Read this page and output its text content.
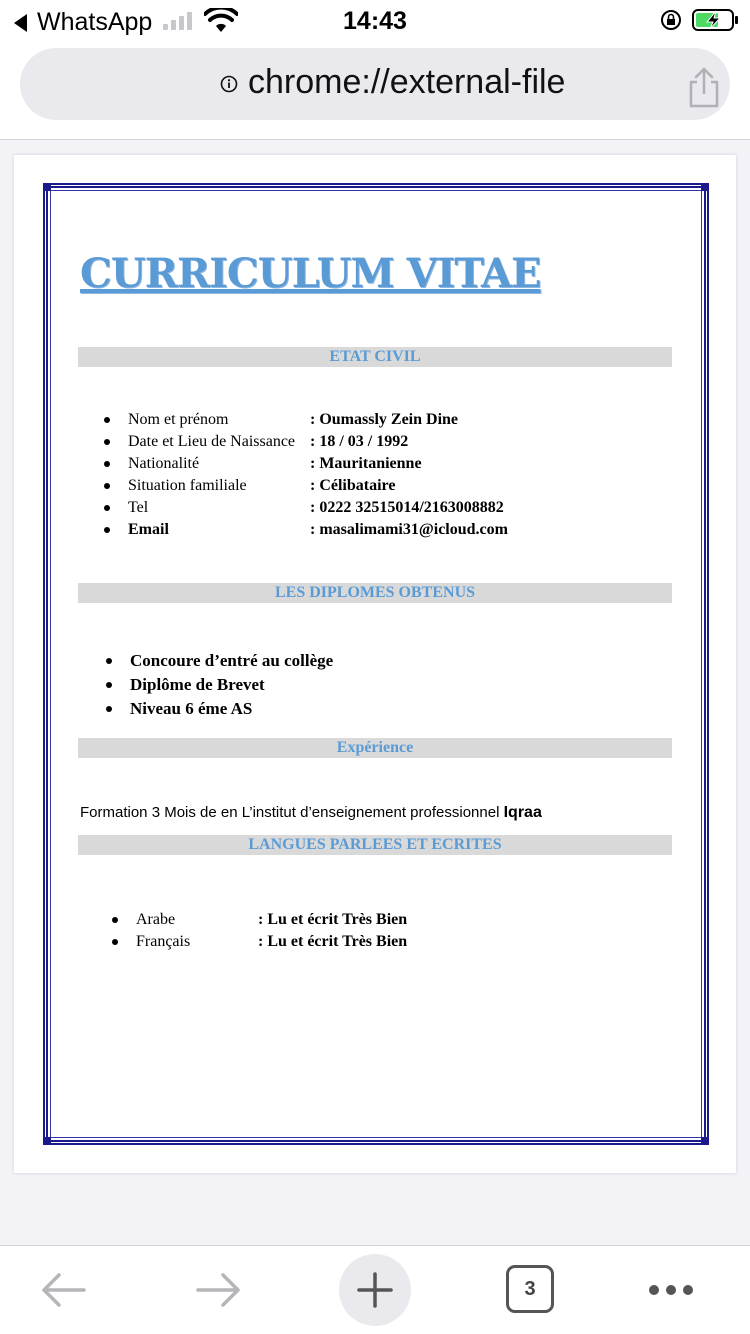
WhatsApp	14:43
chrome://external-file
CURRICULUM VITAE
ETAT CIVIL
Nom et prénom	: Oumassly Zein Dine
Date et Lieu de Naissance : 18 / 03 / 1992
Nationalité	: Mauritanienne
Situation familiale	: Célibataire
Tel	: 0222 32515014/2163008882
Email	: masalimami31@icloud.com
LES DIPLOMES OBTENUS
Concoure d’entré au collège
Diplôme de Brevet
Niveau 6 éme AS
Expérience
Formation 3 Mois de en L’institut d’enseignement professionnel Iqraa
LANGUES PARLEES ET ECRITES
Arabe	: Lu et écrit Très Bien
Français	: Lu et écrit Très Bien
3
